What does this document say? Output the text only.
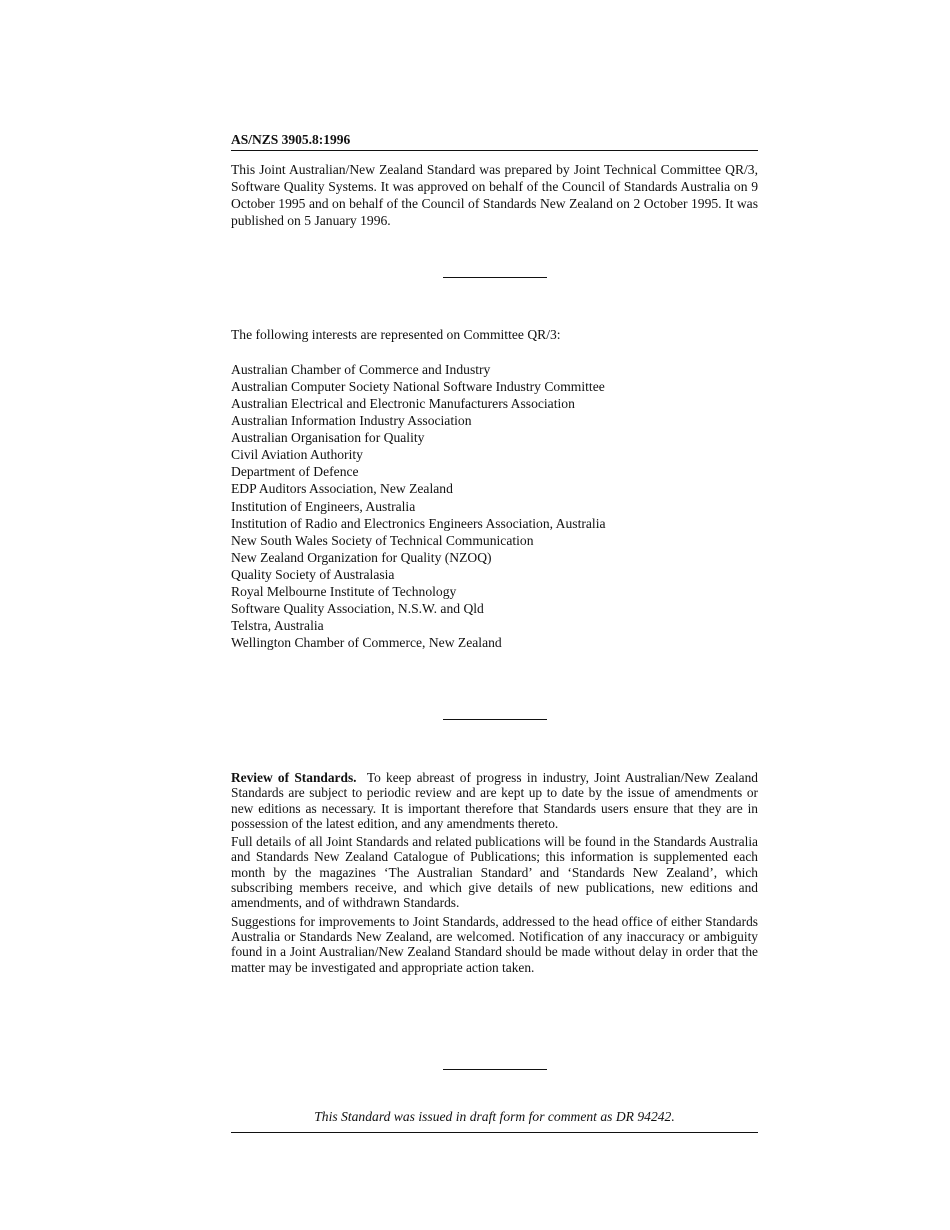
AS/NZS 3905.8:1996

This Joint Australian/New Zealand Standard was prepared by Joint Technical Committee QR/3, Software Quality Systems. It was approved on behalf of the Council of Standards Australia on 9 October 1995 and on behalf of the Council of Standards New Zealand on 2 October 1995. It was published on 5 January 1996.

The following interests are represented on Committee QR/3:

Australian Chamber of Commerce and Industry
Australian Computer Society National Software Industry Committee
Australian Electrical and Electronic Manufacturers Association
Australian Information Industry Association
Australian Organisation for Quality
Civil Aviation Authority
Department of Defence
EDP Auditors Association, New Zealand
Institution of Engineers, Australia
Institution of Radio and Electronics Engineers Association, Australia
New South Wales Society of Technical Communication
New Zealand Organization for Quality (NZOQ)
Quality Society of Australasia
Royal Melbourne Institute of Technology
Software Quality Association, N.S.W. and Qld
Telstra, Australia
Wellington Chamber of Commerce, New Zealand

Review of Standards. To keep abreast of progress in industry, Joint Australian/New Zealand Standards are subject to periodic review and are kept up to date by the issue of amendments or new editions as necessary. It is important therefore that Standards users ensure that they are in possession of the latest edition, and any amendments thereto.

Full details of all Joint Standards and related publications will be found in the Standards Australia and Standards New Zealand Catalogue of Publications; this information is supplemented each month by the magazines ‘The Australian Standard’ and ‘Standards New Zealand’, which subscribing members receive, and which give details of new publications, new editions and amendments, and of withdrawn Standards.

Suggestions for improvements to Joint Standards, addressed to the head office of either Standards Australia or Standards New Zealand, are welcomed. Notification of any inaccuracy or ambiguity found in a Joint Australian/New Zealand Standard should be made without delay in order that the matter may be investigated and appropriate action taken.

This Standard was issued in draft form for comment as DR 94242.
